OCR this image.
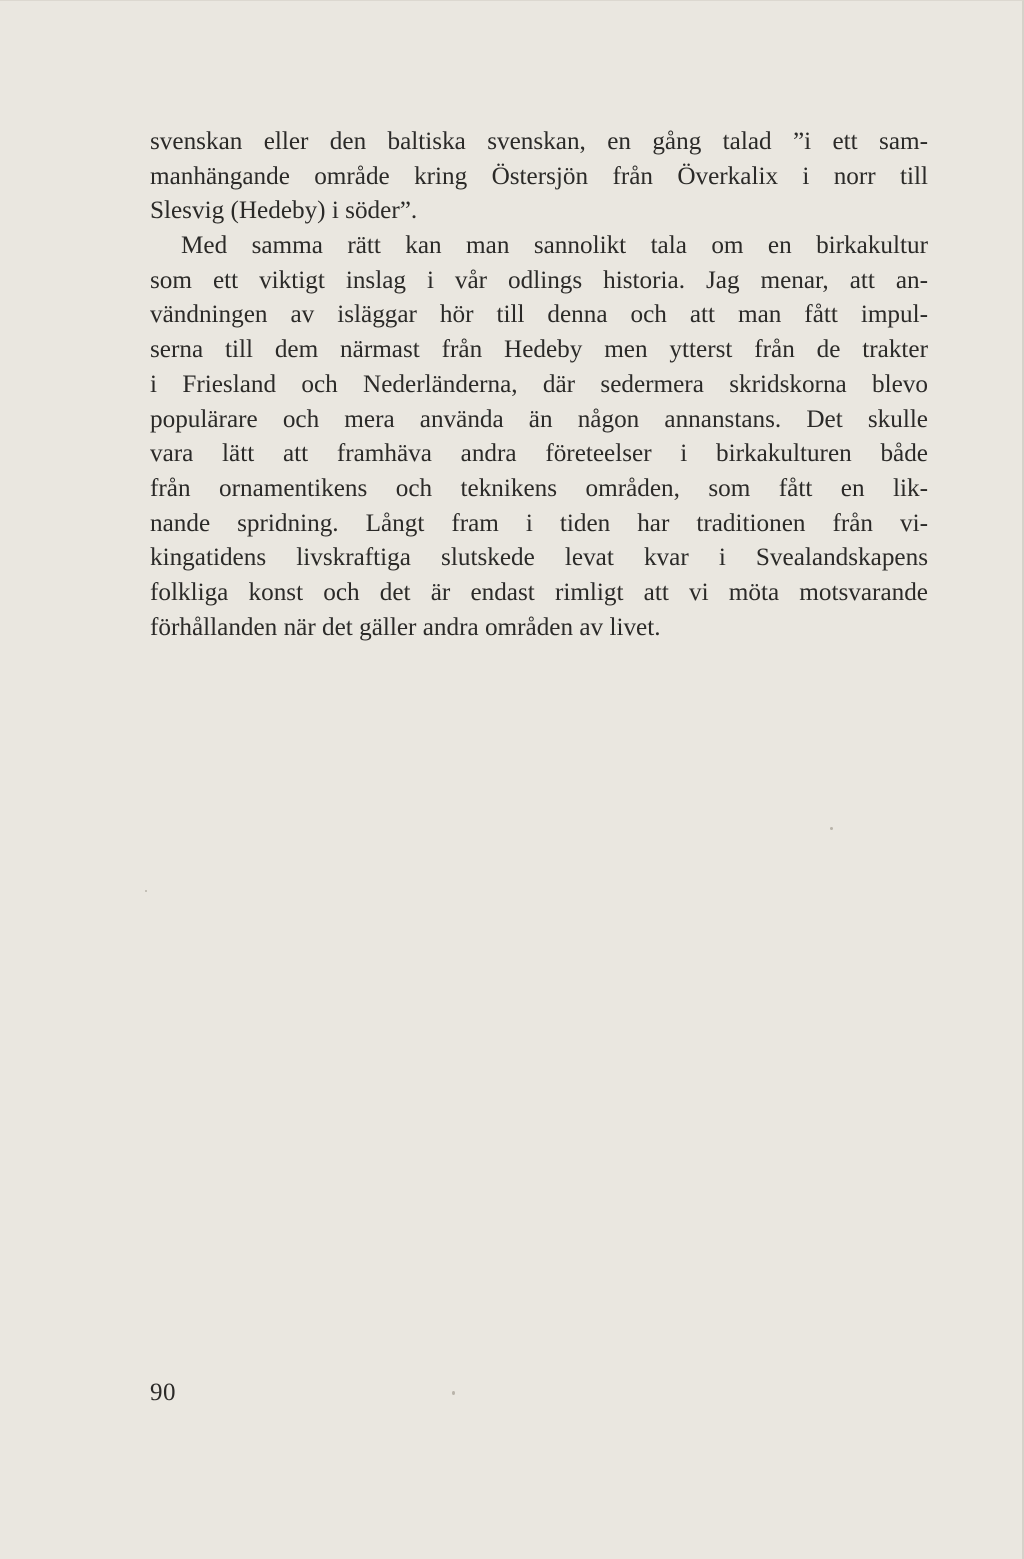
svenskan eller den baltiska svenskan, en gång talad ”i ett sam-
manhängande område kring Östersjön från Överkalix i norr till
Slesvig (Hedeby) i söder”.
Med samma rätt kan man sannolikt tala om en birkakultur
som ett viktigt inslag i vår odlings historia. Jag menar, att an-
vändningen av isläggar hör till denna och att man fått impul-
serna till dem närmast från Hedeby men ytterst från de trakter
i Friesland och Nederländerna, där sedermera skridskorna blevo
populärare och mera använda än någon annanstans. Det skulle
vara lätt att framhäva andra företeelser i birkakulturen både
från ornamentikens och teknikens områden, som fått en lik-
nande spridning. Långt fram i tiden har traditionen från vi-
kingatidens livskraftiga slutskede levat kvar i Svealandskapens
folkliga konst och det är endast rimligt att vi möta motsvarande
förhållanden när det gäller andra områden av livet.
90
